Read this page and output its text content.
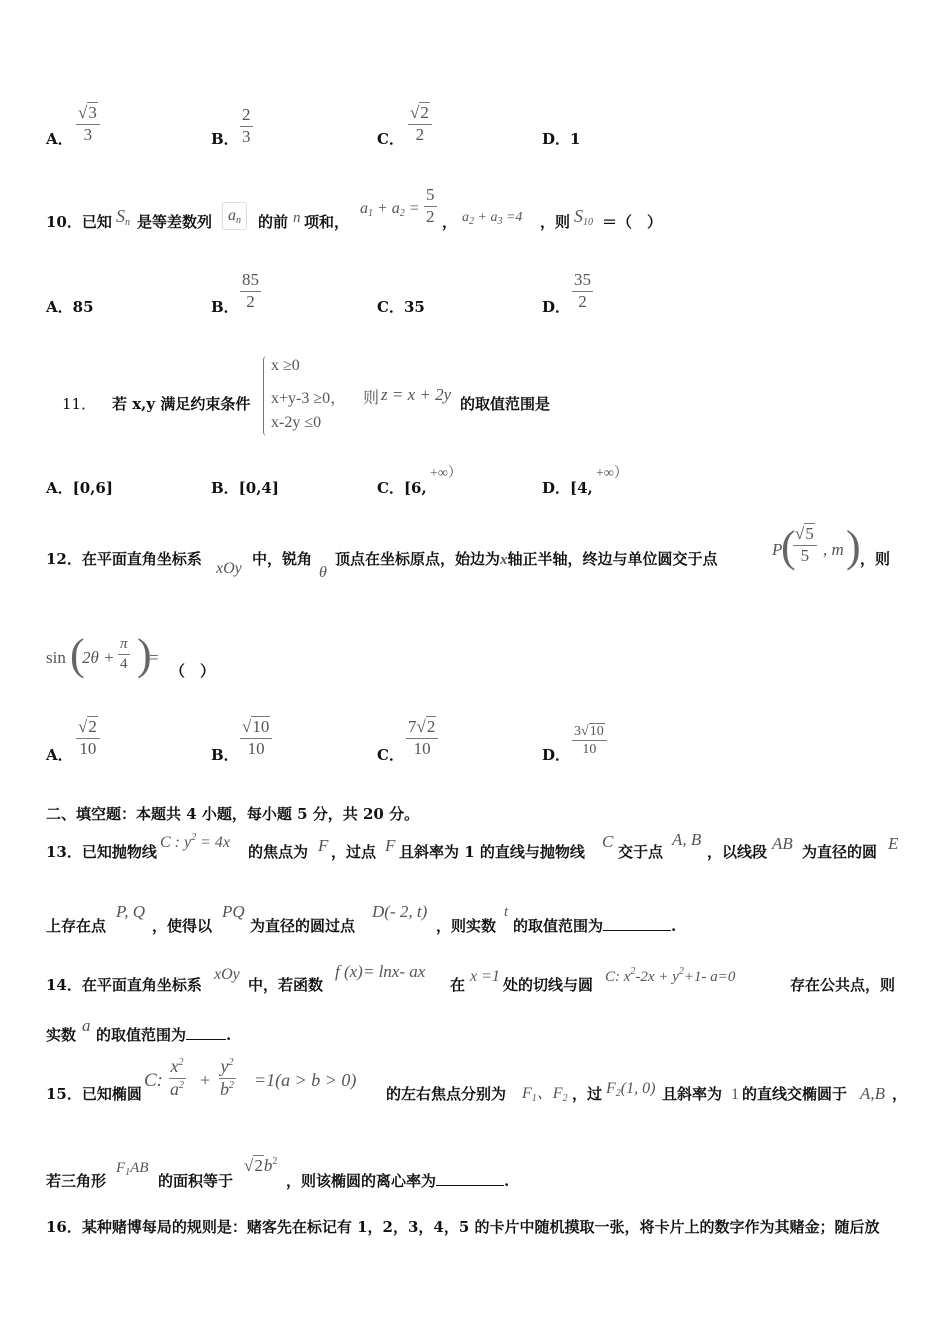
A． $\frac{√3}{3}$	B． $\frac{2}{3}$	C． $\frac{√2}{2}$	D．1
10．已知 $S_n$ 是等差数列 $a_n$	的前 n 项和，
$a_1 + a_2 = \frac{5}{2}$ ， $a_2 + a_3 =4$ ，则 $S_{10}$ ＝（　）
A．85	B． $\frac{85}{2}$	C．35	D． $\frac{35}{2}$
11． 若 x,y 满足约束条件
x ≥0
x+y-3 ≥0，
x-2y ≤0
则 z = x + 2y 的取值范围是
A．[0,6]	B．[0,4]	C．[6,
+∞）
D．[4,
+∞）
12．在平面直角坐标系
xOy
中，锐角
θ
顶点在坐标原点，始边为x轴正半轴，终边与单位圆交于点	P
(
$\frac{√5}{5}$ , m ) ，则
sin (
$2\theta + \frac{\pi}{4}$ )
=
（　）
A． $\frac{√2}{10}$	B． $\frac{√10}{10}$	C． $\frac{7√2}{10}$	D． $\frac{3√10}{10}$
二、填空题：本题共 4 小题，每小题 5 分，共 20 分。
13．已知抛物线
C : $y^2 = 4x$
的焦点为 F ，过点 F 且斜率为 1 的直线与抛物线
C
交于点
A, B
，以线段 AB 为直径的圆 E
上存在点
P, Q
，使得以
PQ
为直径的圆过点
D(- 2, t)
，则实数
t
的取值范围为	.
14．在平面直角坐标系
xOy
中，若函数
f (x)= lnx- ax
在 x =1 处的切线与圆 C: $x^2-2x + y^2+1-$ a=0	存在公共点，则
实数 a 的取值范围为	.
15．已知椭圆
C: $\frac{x^2}{a^2} + \frac{y^2}{b^2} =1(a > b > 0)$
的左右焦点分别为 $F_1$、$F_2$ ，过 $F_2(1$, 0) 且斜率为 1 的直线交椭圆于 A,B ，
若三角形
$F_1AB$
的面积等于
$√2b^2$
，则该椭圆的离心率为	.
16．某种赌博每局的规则是：赌客先在标记有 1，2，3，4，5 的卡片中随机摸取一张，将卡片上的数字作为其赌金；随后放
